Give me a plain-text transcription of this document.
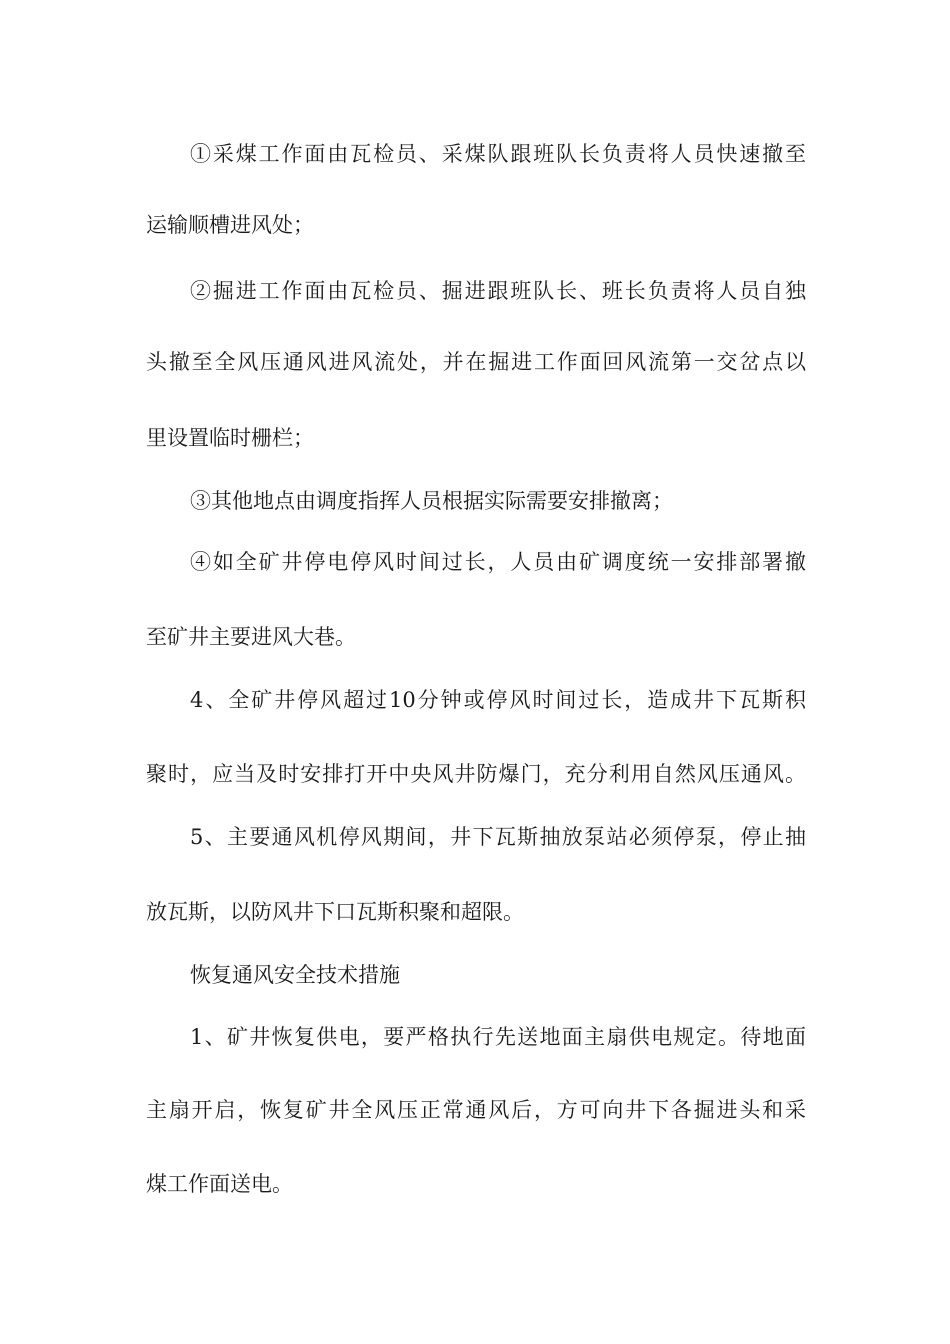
①采煤工作面由瓦检员、采煤队跟班队长负责将人员快速撤至
运输顺槽进风处；
②掘进工作面由瓦检员、掘进跟班队长、班长负责将人员自独
头撤至全风压通风进风流处，并在掘进工作面回风流第一交岔点以
里设置临时栅栏；
③其他地点由调度指挥人员根据实际需要安排撤离；
④如全矿井停电停风时间过长，人员由矿调度统一安排部署撤
至矿井主要进风大巷。
4、全矿井停风超过10分钟或停风时间过长，造成井下瓦斯积
聚时，应当及时安排打开中央风井防爆门，充分利用自然风压通风。
5、主要通风机停风期间，井下瓦斯抽放泵站必须停泵，停止抽
放瓦斯，以防风井下口瓦斯积聚和超限。
恢复通风安全技术措施
1、矿井恢复供电，要严格执行先送地面主扇供电规定。待地面
主扇开启，恢复矿井全风压正常通风后，方可向井下各掘进头和采
煤工作面送电。
